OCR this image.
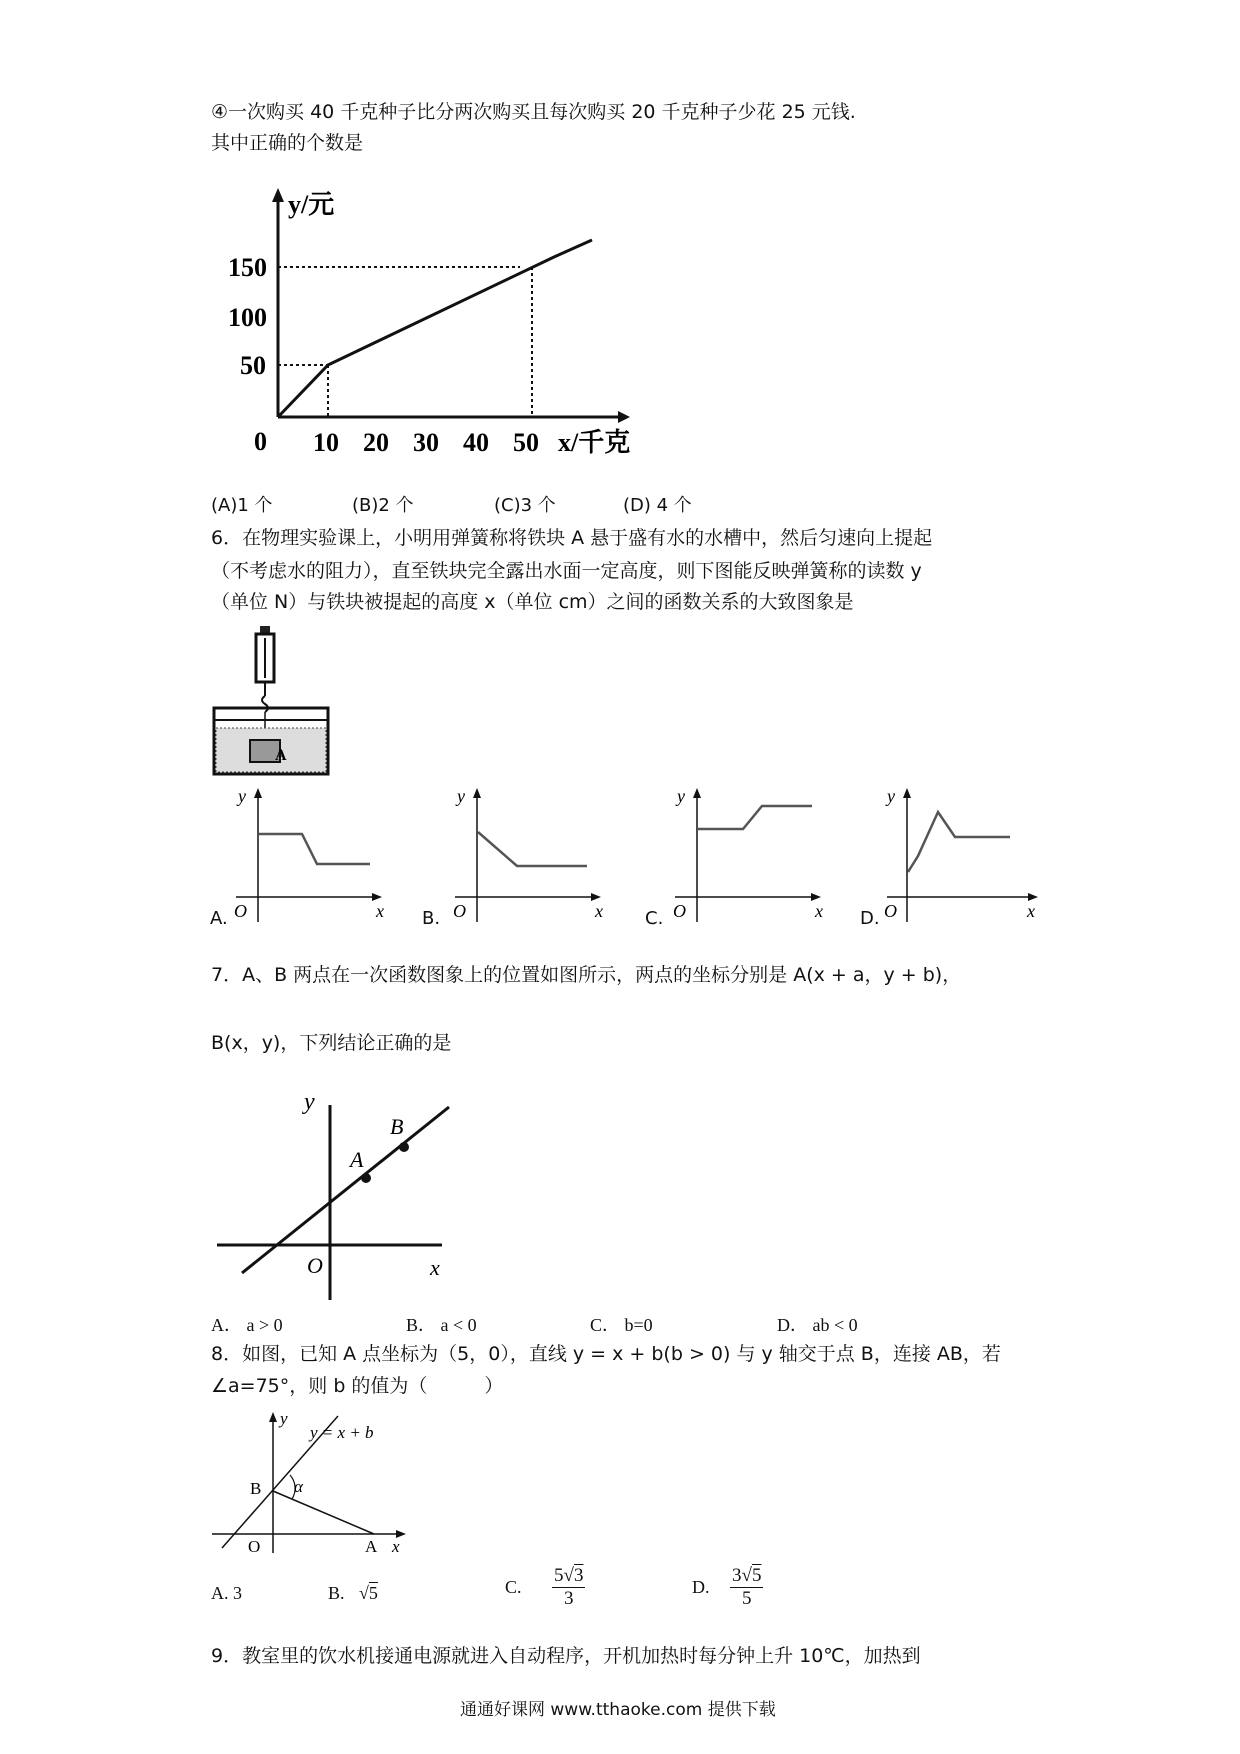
④一次购买 40 千克种子比分两次购买且每次购买 20 千克种子少花 25 元钱.
其中正确的个数是
y/元
150
100
50
0 10 20 30 40 50 x/千克
(A)1 个	(B)2 个	(C)3 个	(D) 4 个
6．在物理实验课上，小明用弹簧称将铁块 A 悬于盛有水的水槽中，然后匀速向上提起
（不考虑水的阻力），直至铁块完全露出水面一定高度，则下图能反映弹簧称的读数 y
（单位 N）与铁块被提起的高度 x（单位 cm）之间的函数关系的大致图象是
A
y
O	x
A.
y
O	x
B.
y
O	x
C.
y
O	x
D.
7．A、B 两点在一次函数图象上的位置如图所示，两点的坐标分别是 A(x + a，y + b)，
B(x，y)，下列结论正确的是
y
O	x
A
B
A． a > 0	B． a < 0	C． b=0	D． ab < 0
8．如图，已知 A 点坐标为（5，0），直线 y = x + b(b > 0) 与 y 轴交于点 B，连接 AB，若
∠a=75°，则 b 的值为（　　　）
y
O	x
A
B α
y = x + b
A. 3	B. √5	C. $\frac{5√3}{3}$	D. $\frac{3√5}{5}$
9．教室里的饮水机接通电源就进入自动程序，开机加热时每分钟上升 10℃，加热到
通通好课网 www.tthaoke.com 提供下载
